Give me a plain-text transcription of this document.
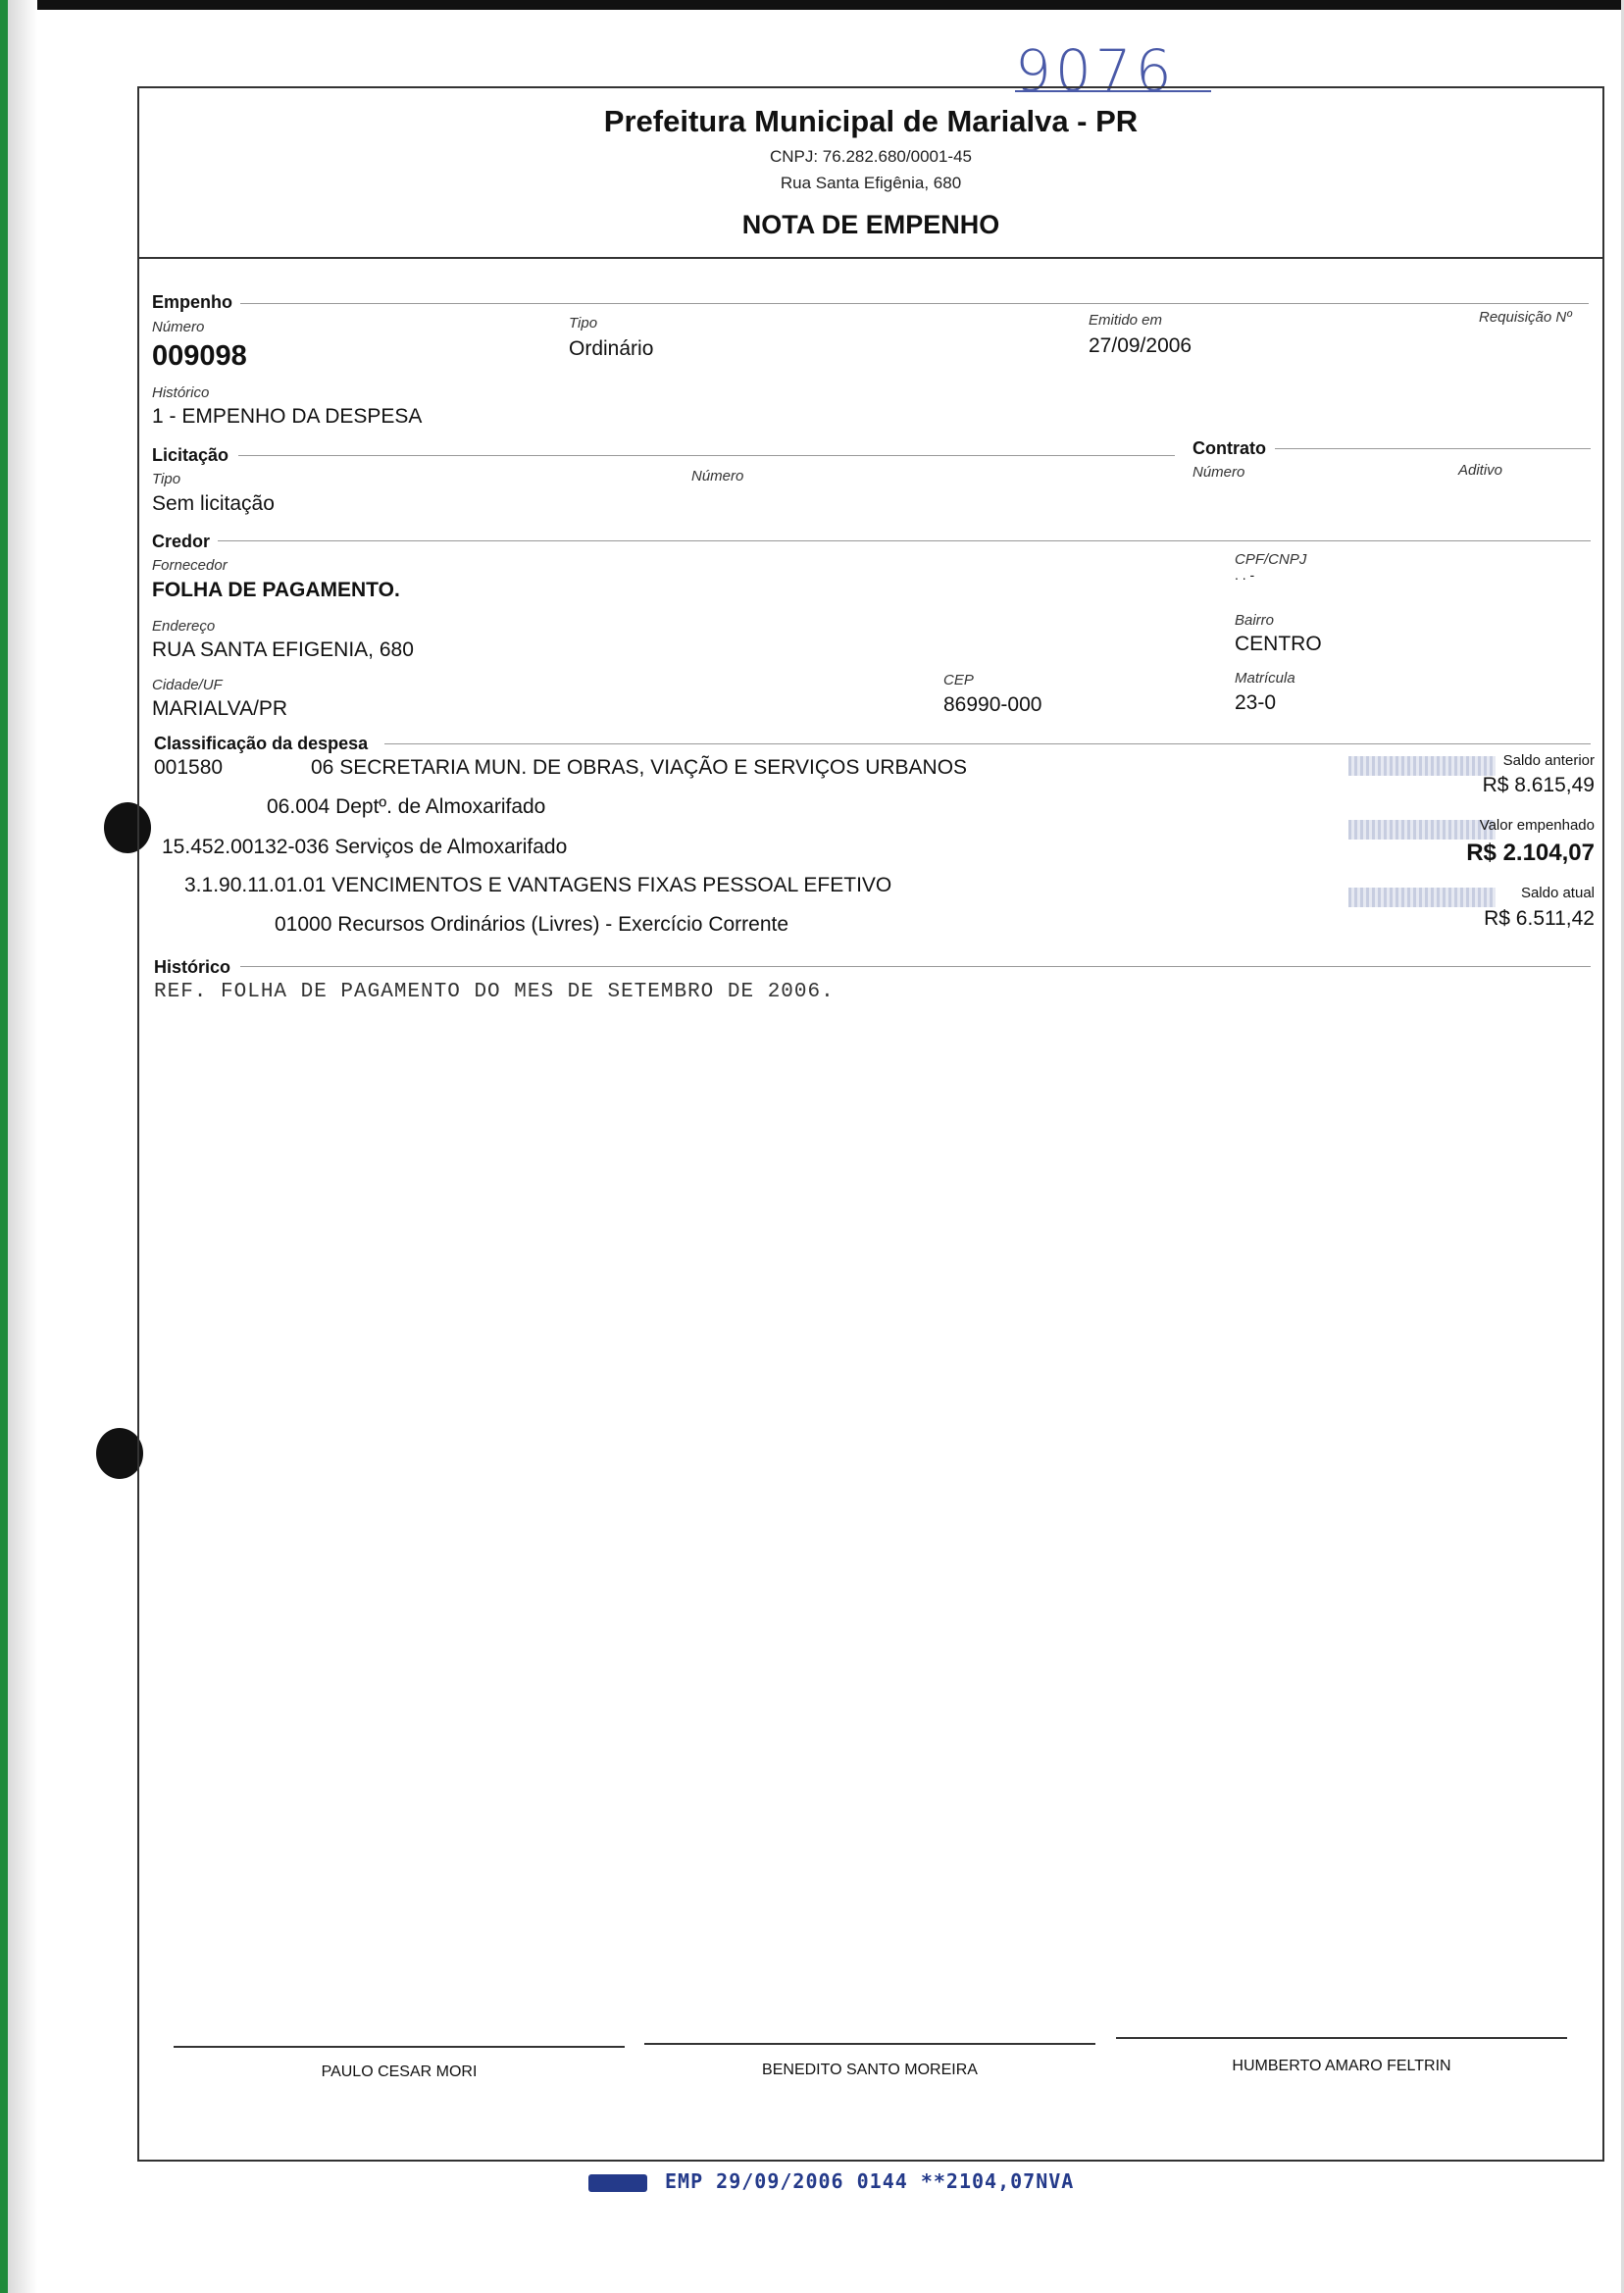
9076
Prefeitura Municipal de Marialva - PR
CNPJ: 76.282.680/0001-45
Rua Santa Efigênia, 680
NOTA DE EMPENHO
Empenho
Número
009098
Tipo
Ordinário
Emitido em
27/09/2006
Requisição Nº
Histórico
1 - EMPENHO DA DESPESA
Licitação
Tipo
Sem licitação
Número
Contrato
Número	Aditivo
Credor
Fornecedor
FOLHA DE PAGAMENTO.
CPF/CNPJ
. . -
Endereço
RUA SANTA EFIGENIA, 680
Bairro
CENTRO
Cidade/UF
MARIALVA/PR
CEP
86990-000
Matrícula
23-0
Classificação da despesa
001580	06 SECRETARIA MUN. DE OBRAS, VIAÇÃO E SERVIÇOS URBANOS
06.004 Deptº. de Almoxarifado
15.452.00132-036 Serviços de Almoxarifado
3.1.90.11.01.01 VENCIMENTOS E VANTAGENS FIXAS PESSOAL EFETIVO
01000 Recursos Ordinários (Livres) - Exercício Corrente
Saldo anterior
R$ 8.615,49
Valor empenhado
R$ 2.104,07
Saldo atual
R$ 6.511,42
Histórico
REF. FOLHA DE PAGAMENTO DO MES DE SETEMBRO DE 2006.
PAULO CESAR MORI	BENEDITO SANTO MOREIRA	HUMBERTO AMARO FELTRIN
EMP 29/09/2006 0144 **2104,07NVA
